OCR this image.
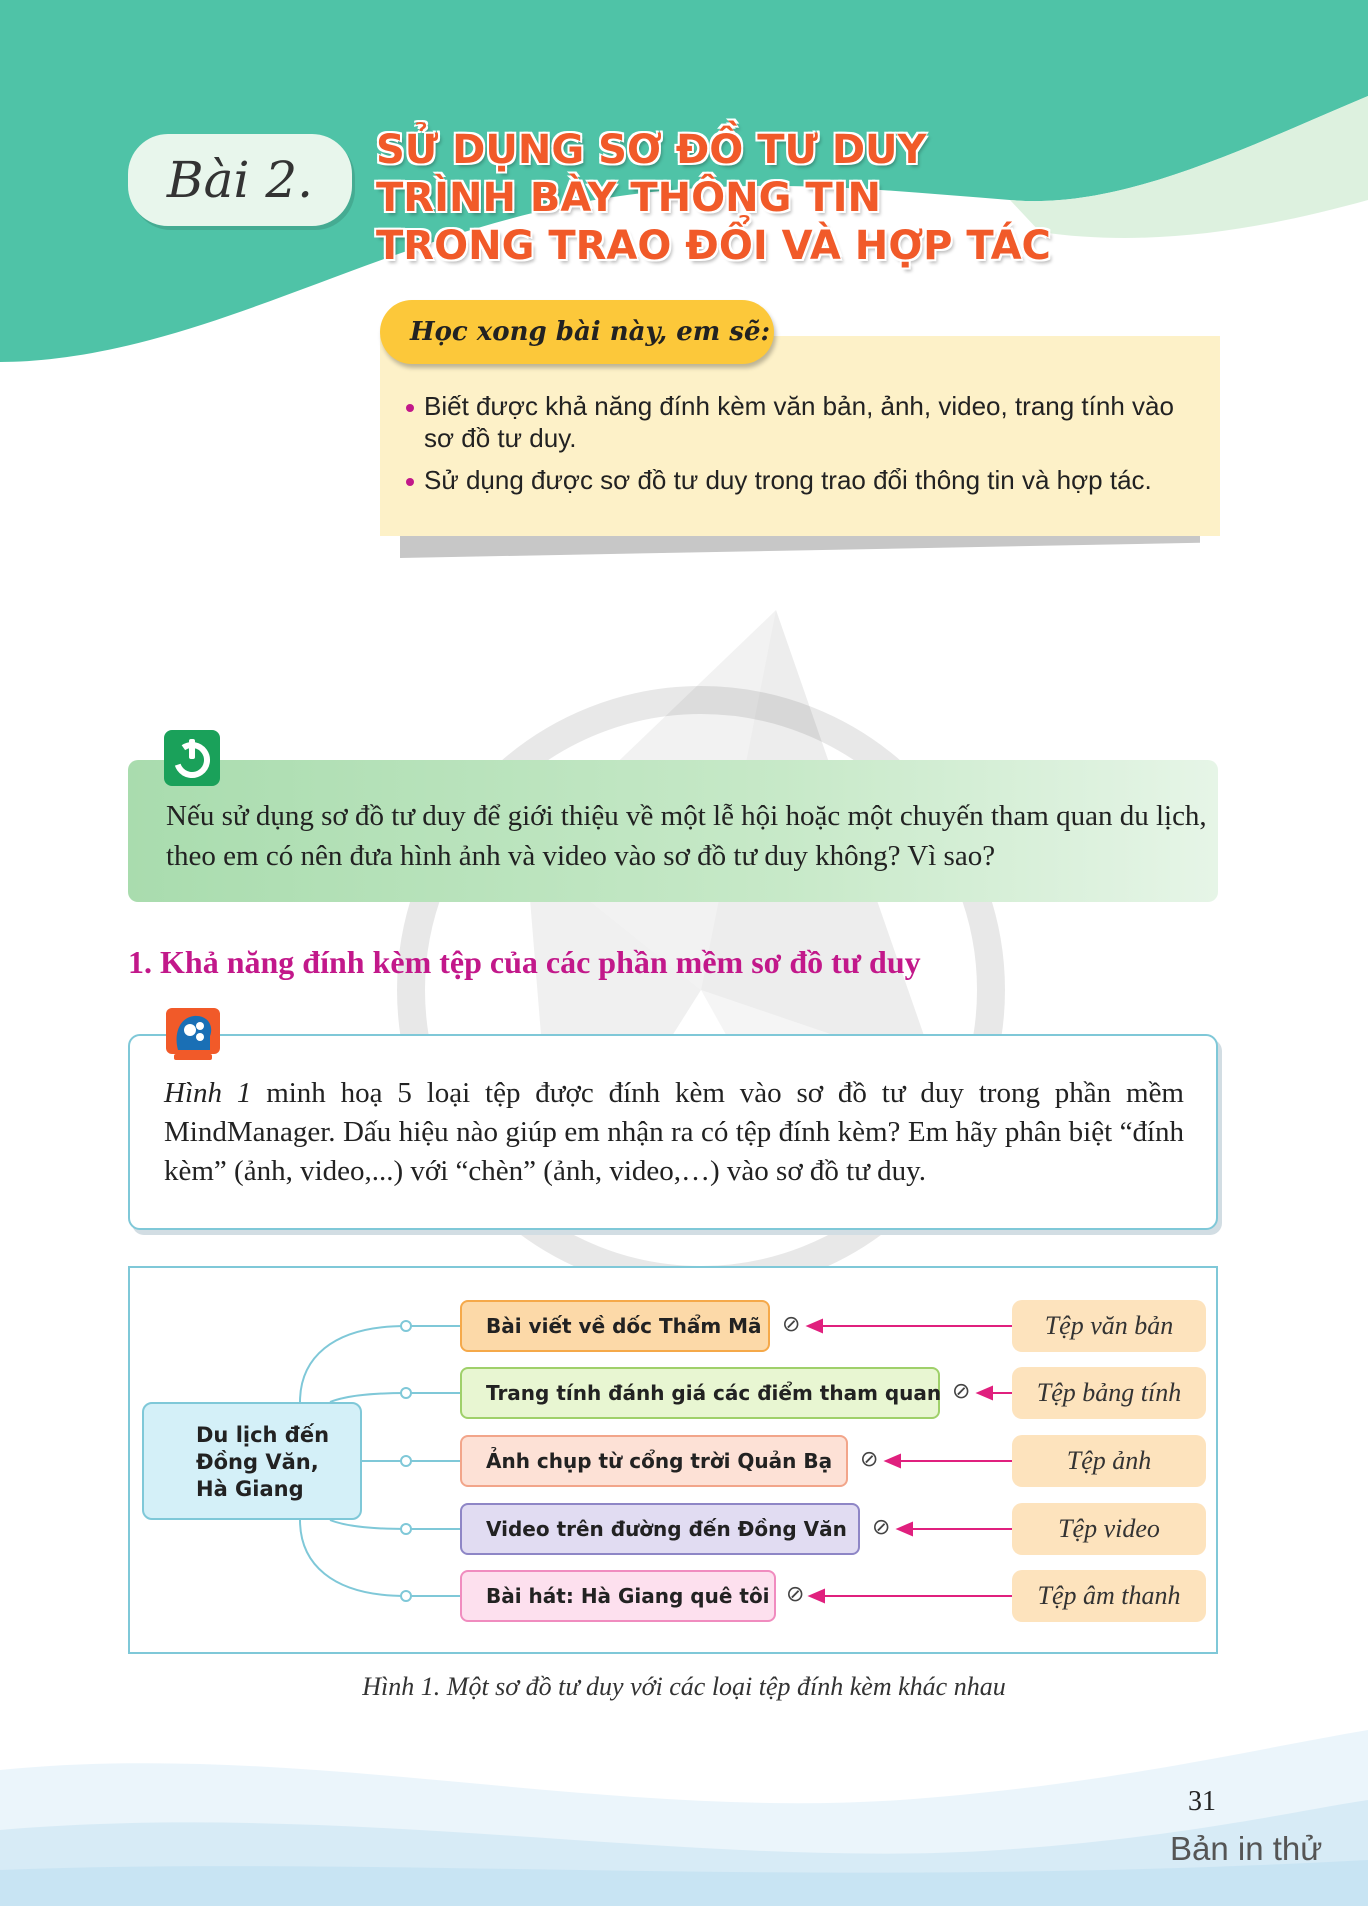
Bài 2.
SỬ DỤNG SƠ ĐỒ TƯ DUY
TRÌNH BÀY THÔNG TIN
TRONG TRAO ĐỔI VÀ HỢP TÁC
Học xong bài này, em sẽ:
Biết được khả năng đính kèm văn bản, ảnh, video, trang tính vào sơ đồ tư duy.
Sử dụng được sơ đồ tư duy trong trao đổi thông tin và hợp tác.
Nếu sử dụng sơ đồ tư duy để giới thiệu về một lễ hội hoặc một chuyến tham quan du lịch, theo em có nên đưa hình ảnh và video vào sơ đồ tư duy không? Vì sao?
1. Khả năng đính kèm tệp của các phần mềm sơ đồ tư duy
Hình 1 minh hoạ 5 loại tệp được đính kèm vào sơ đồ tư duy trong phần mềm MindManager. Dấu hiệu nào giúp em nhận ra có tệp đính kèm? Em hãy phân biệt “đính kèm” (ảnh, video,...) với “chèn” (ảnh, video,…) vào sơ đồ tư duy.
Du lịch đến
Đồng Văn,
Hà Giang
Bài viết về dốc Thẩm Mã
Trang tính đánh giá các điểm tham quan
Ảnh chụp từ cổng trời Quản Bạ
Video trên đường đến Đồng Văn
Bài hát: Hà Giang quê tôi
⊘
⊘
⊘
⊘
⊘
Tệp văn bản
Tệp bảng tính
Tệp ảnh
Tệp video
Tệp âm thanh
Hình 1. Một sơ đồ tư duy với các loại tệp đính kèm khác nhau
31
Bản in thử
